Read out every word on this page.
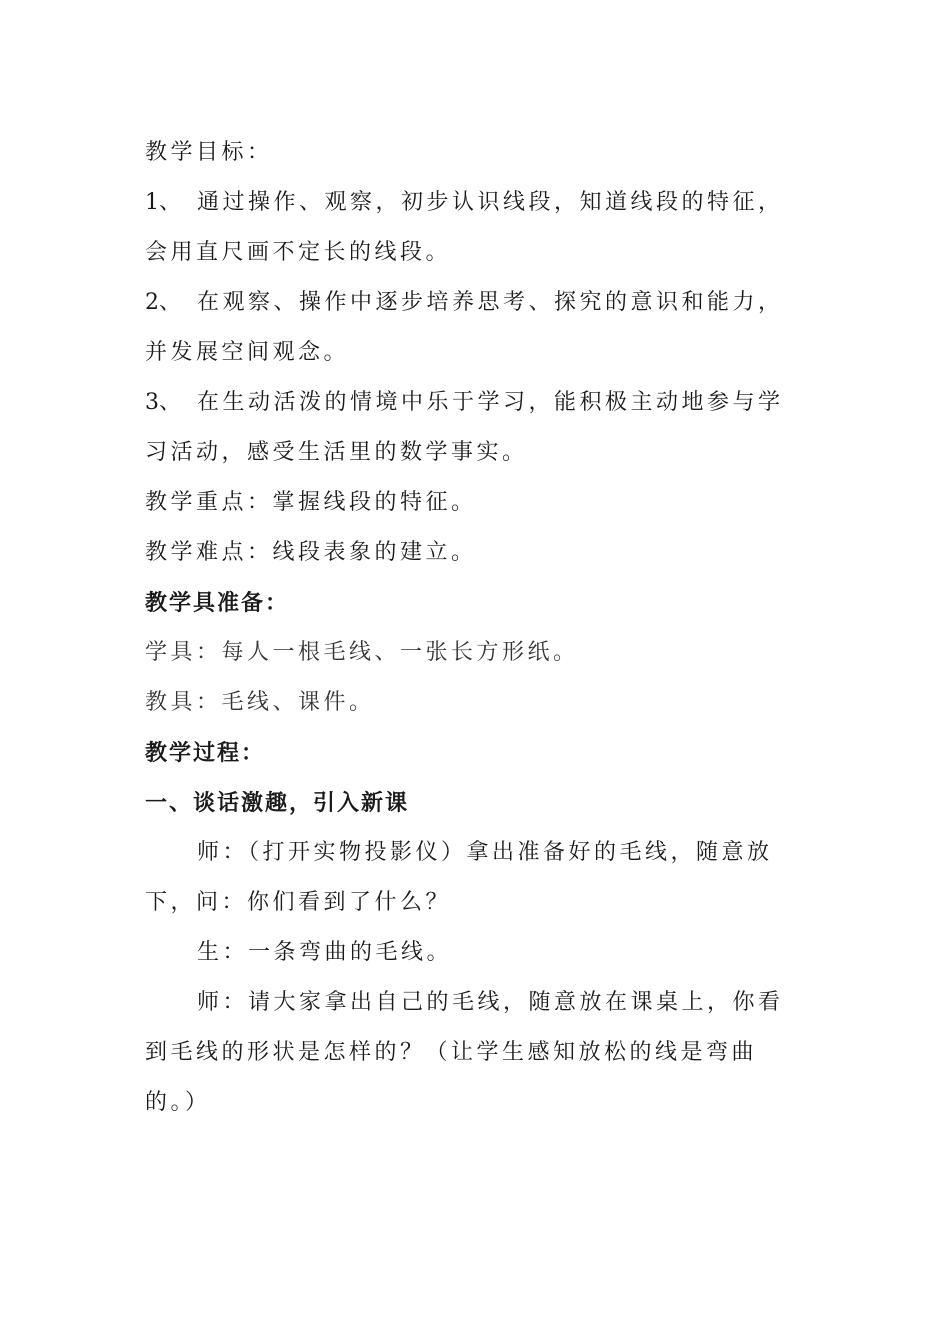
教学目标：
1、 通过操作、观察，初步认识线段，知道线段的特征，
会用直尺画不定长的线段。
2、 在观察、操作中逐步培养思考、探究的意识和能力，
并发展空间观念。
3、 在生动活泼的情境中乐于学习，能积极主动地参与学
习活动，感受生活里的数学事实。
教学重点：掌握线段的特征。
教学难点：线段表象的建立。
教学具准备：
学具：每人一根毛线、一张长方形纸。
教具：毛线、课件。
教学过程：
一、谈话激趣，引入新课
师：（打开实物投影仪）拿出准备好的毛线，随意放
下，问：你们看到了什么？
生：一条弯曲的毛线。
师：请大家拿出自己的毛线，随意放在课桌上，你看
到毛线的形状是怎样的？（让学生感知放松的线是弯曲
的。）
